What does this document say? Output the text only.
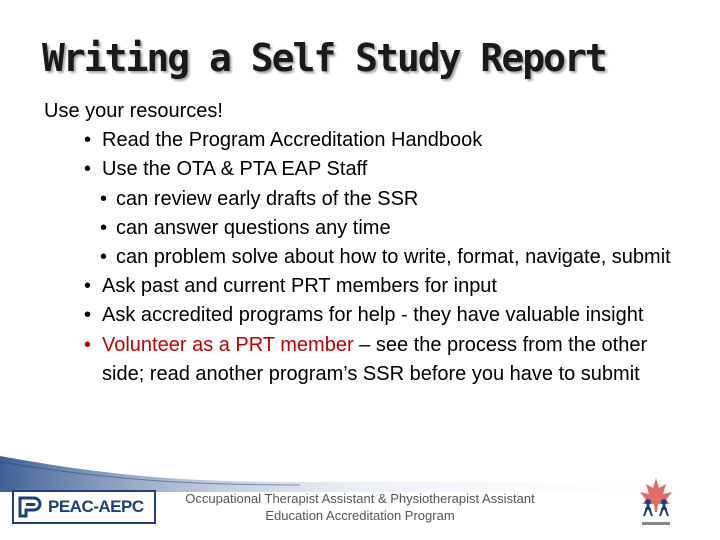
Writing a Self Study Report

Use your resources!

• Read the Program Accreditation Handbook
• Use the OTA & PTA EAP Staff
• can review early drafts of the SSR
• can answer questions any time
• can problem solve about how to write, format, navigate, submit
• Ask past and current PRT members for input
• Ask accredited programs for help - they have valuable insight
• Volunteer as a PRT member – see the process from the other side; read another program’s SSR before you have to submit
PEAC-AEPC	Occupational Therapist Assistant & Physiotherapist Assistant
Education Accreditation Program
